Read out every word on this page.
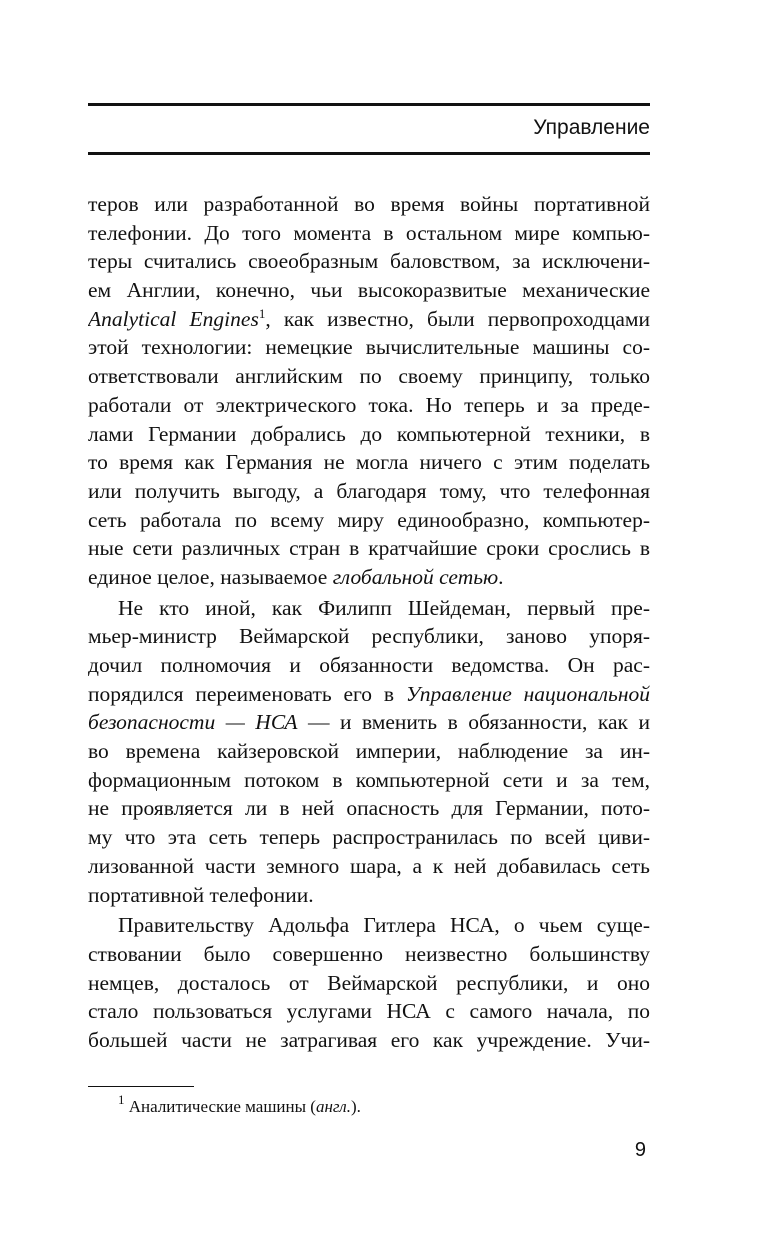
Управление
теров или разработанной во время войны портативной
телефонии. До того момента в остальном мире компью-
теры считались своеобразным баловством, за исключени-
ем Англии, конечно, чьи высокоразвитые механические
Analytical Engines$^1$, как известно, были первопроходцами
этой технологии: немецкие вычислительные машины со-
ответствовали английским по своему принципу, только
работали от электрического тока. Но теперь и за преде-
лами Германии добрались до компьютерной техники, в
то время как Германия не могла ничего с этим поделать
или получить выгоду, а благодаря тому, что телефонная
сеть работала по всему миру единообразно, компьютер-
ные сети различных стран в кратчайшие сроки срослись в
единое целое, называемое глобальной сетью.
Не кто иной, как Филипп Шейдеман, первый пре-
мьер-министр Веймарской республики, заново упоря-
дочил полномочия и обязанности ведомства. Он рас-
порядился переименовать его в Управление национальной
безопасности — НСА — и вменить в обязанности, как и
во времена кайзеровской империи, наблюдение за ин-
формационным потоком в компьютерной сети и за тем,
не проявляется ли в ней опасность для Германии, пото-
му что эта сеть теперь распространилась по всей циви-
лизованной части земного шара, а к ней добавилась сеть
портативной телефонии.
Правительству Адольфа Гитлера НСА, о чьем суще-
ствовании было совершенно неизвестно большинству
немцев, досталось от Веймарской республики, и оно
стало пользоваться услугами НСА с самого начала, по
большей части не затрагивая его как учреждение. Учи-
$^1$ Аналитические машины (англ.).
9
